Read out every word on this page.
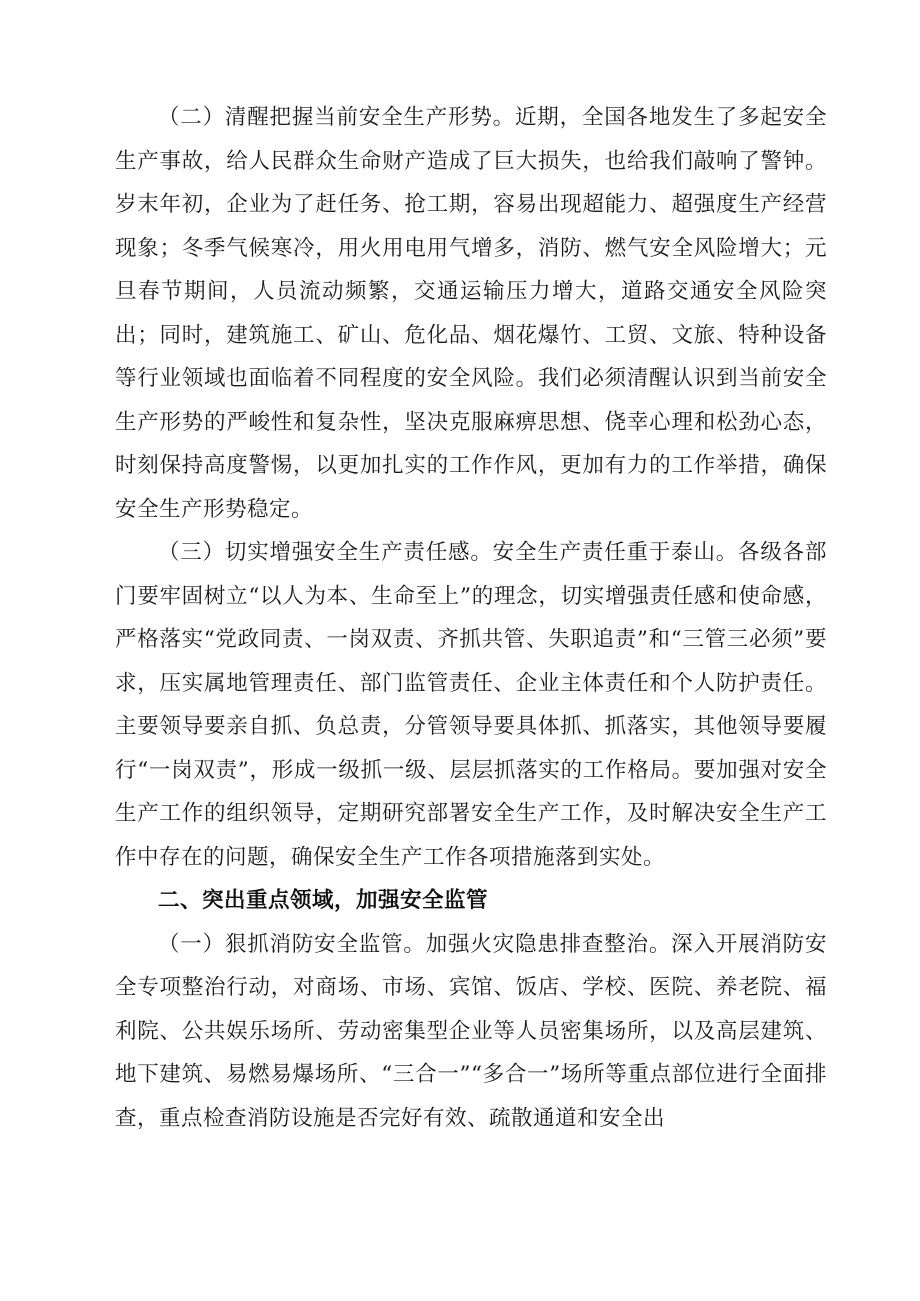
（二）清醒把握当前安全生产形势。近期，全国各地发生了多起安全生产事故，给人民群众生命财产造成了巨大损失，也给我们敲响了警钟。岁末年初，企业为了赶任务、抢工期，容易出现超能力、超强度生产经营现象；冬季气候寒冷，用火用电用气增多，消防、燃气安全风险增大；元旦春节期间，人员流动频繁，交通运输压力增大，道路交通安全风险突出；同时，建筑施工、矿山、危化品、烟花爆竹、工贸、文旅、特种设备等行业领域也面临着不同程度的安全风险。我们必须清醒认识到当前安全生产形势的严峻性和复杂性，坚决克服麻痹思想、侥幸心理和松劲心态，时刻保持高度警惕，以更加扎实的工作作风，更加有力的工作举措，确保安全生产形势稳定。

（三）切实增强安全生产责任感。安全生产责任重于泰山。各级各部门要牢固树立“以人为本、生命至上”的理念，切实增强责任感和使命感，严格落实“党政同责、一岗双责、齐抓共管、失职追责”和“三管三必须”要求，压实属地管理责任、部门监管责任、企业主体责任和个人防护责任。主要领导要亲自抓、负总责，分管领导要具体抓、抓落实，其他领导要履行“一岗双责”，形成一级抓一级、层层抓落实的工作格局。要加强对安全生产工作的组织领导，定期研究部署安全生产工作，及时解决安全生产工作中存在的问题，确保安全生产工作各项措施落到实处。

二、突出重点领域，加强安全监管

（一）狠抓消防安全监管。加强火灾隐患排查整治。深入开展消防安全专项整治行动，对商场、市场、宾馆、饭店、学校、医院、养老院、福利院、公共娱乐场所、劳动密集型企业等人员密集场所，以及高层建筑、地下建筑、易燃易爆场所、“三合一”“多合一”场所等重点部位进行全面排查，重点检查消防设施是否完好有效、疏散通道和安全出
